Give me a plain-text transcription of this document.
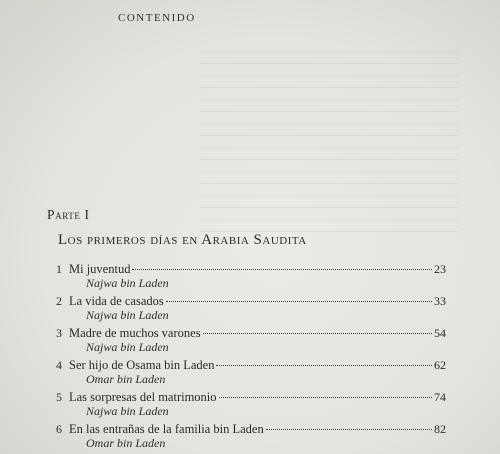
CONTENIDO
Parte I
Los primeros días en Arabia Saudita
1 Mi juventud	23
Najwa bin Laden
2 La vida de casados	33
Najwa bin Laden
3 Madre de muchos varones	54
Najwa bin Laden
4 Ser hijo de Osama bin Laden	62
Omar bin Laden
5 Las sorpresas del matrimonio	74
Najwa bin Laden
6 En las entrañas de la familia bin Laden	82
Omar bin Laden
